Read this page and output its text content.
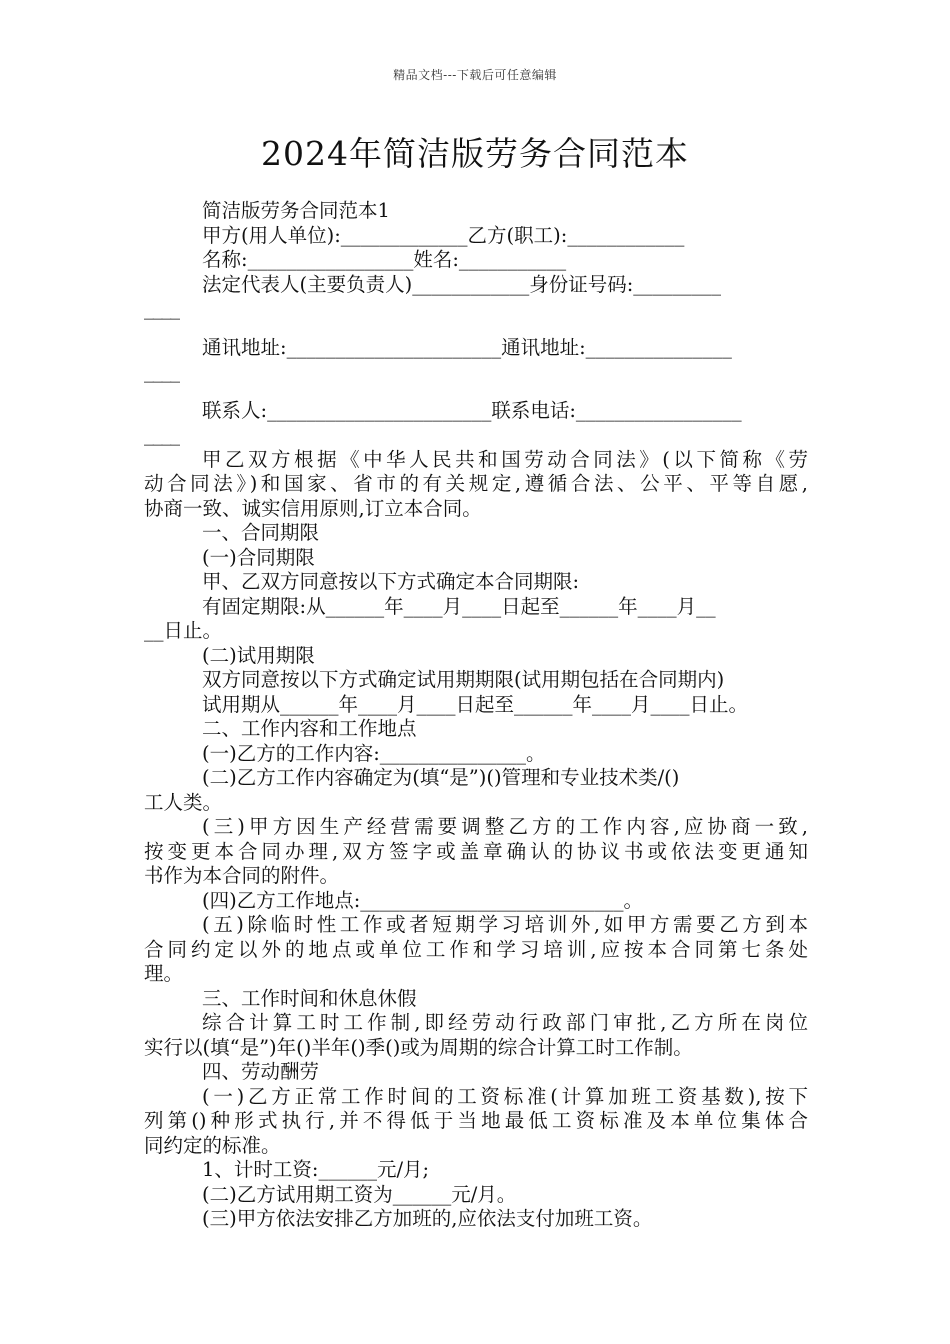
精品文档---下载后可任意编辑
2024年简洁版劳务合同范本
简洁版劳务合同范本1
甲方(用人单位):_____________乙方(职工):____________
名称:_________________姓名:___________
法定代表人(主要负责人)____________身份证号码:_________
____
通讯地址:______________________通讯地址:_______________
____
联系人:_______________________联系电话:_________________
____
甲乙双方根据《中华人民共和国劳动合同法》(以下简称《劳
动合同法》)和国家、省市的有关规定,遵循合法、公平、平等自愿,
协商一致、诚实信用原则,订立本合同。
一、合同期限
(一)合同期限
甲、乙双方同意按以下方式确定本合同期限:
有固定期限:从______年____月____日起至______年____月__
__日止。
(二)试用期限
双方同意按以下方式确定试用期期限(试用期包括在合同期内)
试用期从______年____月____日起至______年____月____日止。
二、工作内容和工作地点
(一)乙方的工作内容:_______________。
(二)乙方工作内容确定为(填“是”)()管理和专业技术类/()
工人类。
(三)甲方因生产经营需要调整乙方的工作内容,应协商一致,
按变更本合同办理,双方签字或盖章确认的协议书或依法变更通知
书作为本合同的附件。
(四)乙方工作地点:___________________________。
(五)除临时性工作或者短期学习培训外,如甲方需要乙方到本
合同约定以外的地点或单位工作和学习培训,应按本合同第七条处
理。
三、工作时间和休息休假
综合计算工时工作制,即经劳动行政部门审批,乙方所在岗位
实行以(填“是”)年()半年()季()或为周期的综合计算工时工作制。
四、劳动酬劳
(一)乙方正常工作时间的工资标准(计算加班工资基数),按下
列第()种形式执行,并不得低于当地最低工资标准及本单位集体合
同约定的标准。
1、计时工资:______元/月;
(二)乙方试用期工资为______元/月。
(三)甲方依法安排乙方加班的,应依法支付加班工资。
